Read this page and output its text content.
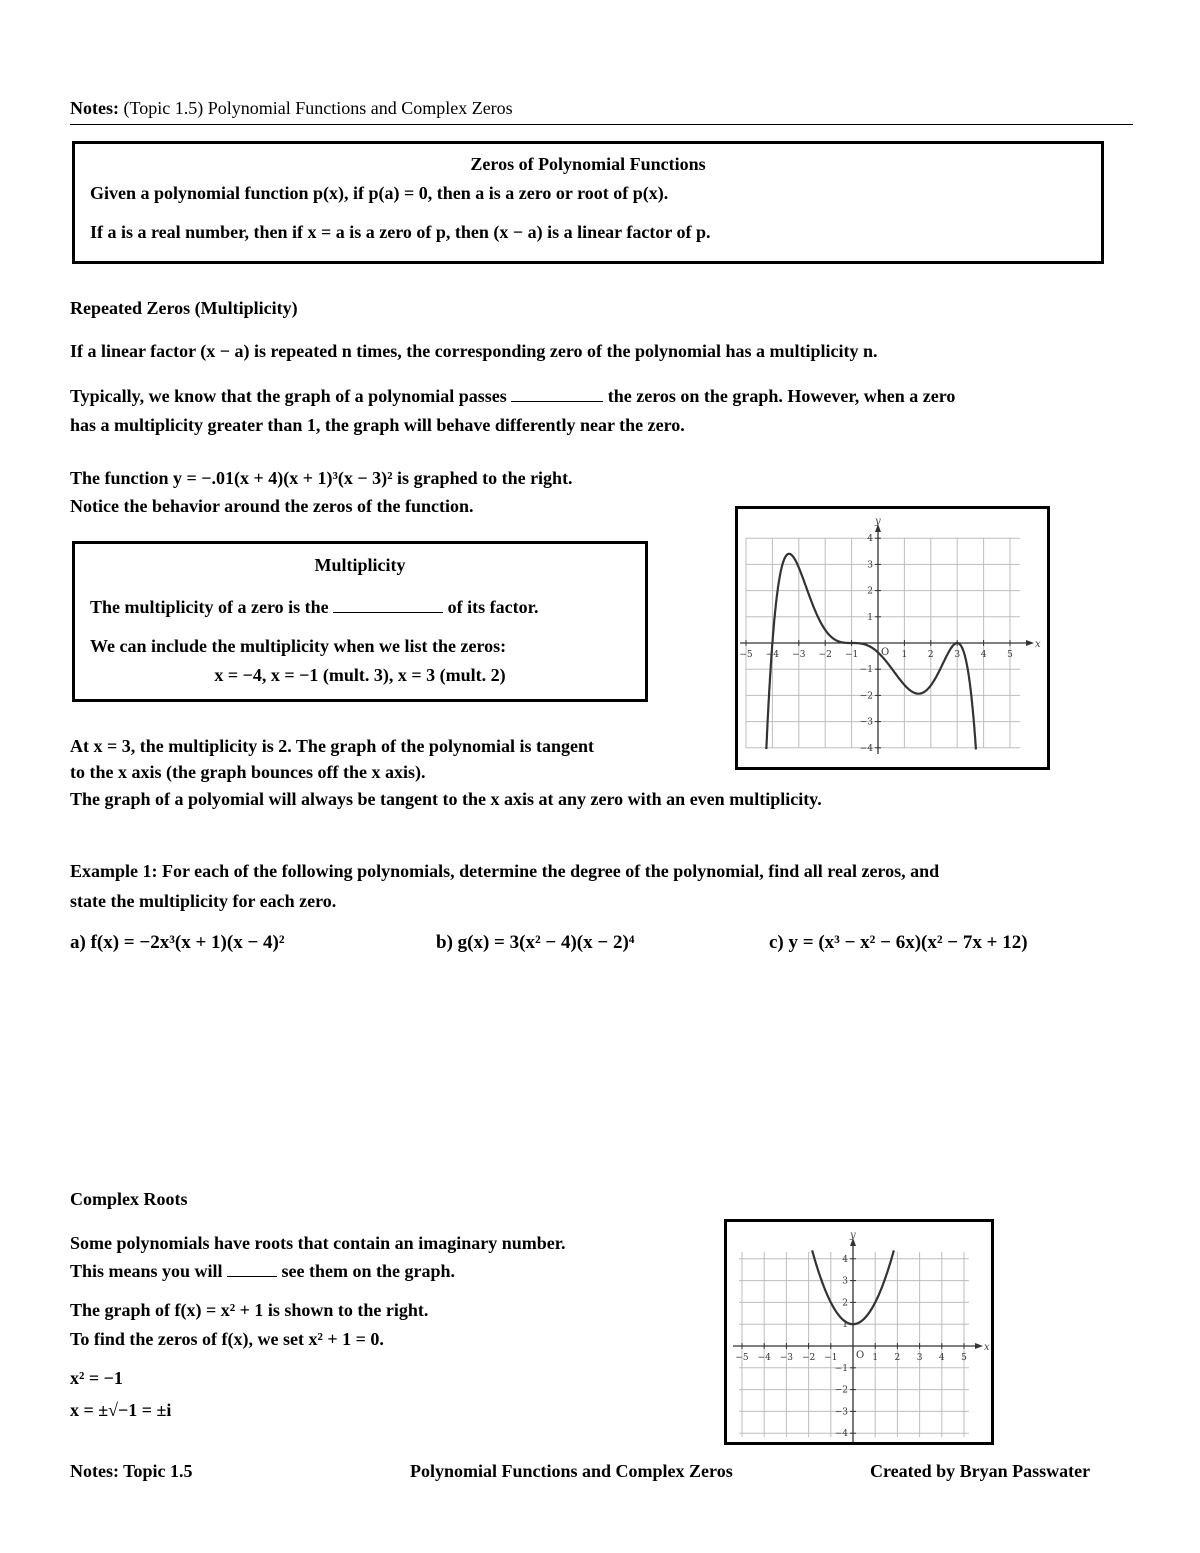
Notes: (Topic 1.5) Polynomial Functions and Complex Zeros
Zeros of Polynomial Functions
Given a polynomial function p(x), if p(a) = 0, then a is a zero or root of p(x).
If a is a real number, then if x = a is a zero of p, then (x − a) is a linear factor of p.
Repeated Zeros (Multiplicity)
If a linear factor (x − a) is repeated n times, the corresponding zero of the polynomial has a multiplicity n.
Typically, we know that the graph of a polynomial passes	the zeros on the graph. However, when a zero
has a multiplicity greater than 1, the graph will behave differently near the zero.
The function y = −.01(x + 4)(x + 1)³(x − 3)² is graphed to the right.
Notice the behavior around the zeros of the function.
Multiplicity
The multiplicity of a zero is the	of its factor.
We can include the multiplicity when we list the zeros:
x = −4, x = −1 (mult. 3), x = 3 (mult. 2)
x
y
−5 −4 −3 −2 −1	1 2 3 4 5
4
3
2
1
−1
−2
−3
−4
O
At x = 3, the multiplicity is 2. The graph of the polynomial is tangent
to the x axis (the graph bounces off the x axis).
The graph of a polyomial will always be tangent to the x axis at any zero with an even multiplicity.
Example 1: For each of the following polynomials, determine the degree of the polynomial, find all real zeros, and
state the multiplicity for each zero.
a) f(x) = −2x³(x + 1)(x − 4)²	b) g(x) = 3(x² − 4)(x − 2)⁴	c) y = (x³ − x² − 6x)(x² − 7x + 12)
Complex Roots
Some polynomials have roots that contain an imaginary number.
This means you will	see them on the graph.
The graph of f(x) = x² + 1 is shown to the right.
To find the zeros of f(x), we set x² + 1 = 0.
x² = −1
x = ±√−1 = ±i
x
y
−5 −4 −3 −2 −1	1 2 3 4 5
4
3
2
1
−1
−2
−3
−4
O
Notes: Topic 1.5	Polynomial Functions and Complex Zeros	Created by Bryan Passwater
